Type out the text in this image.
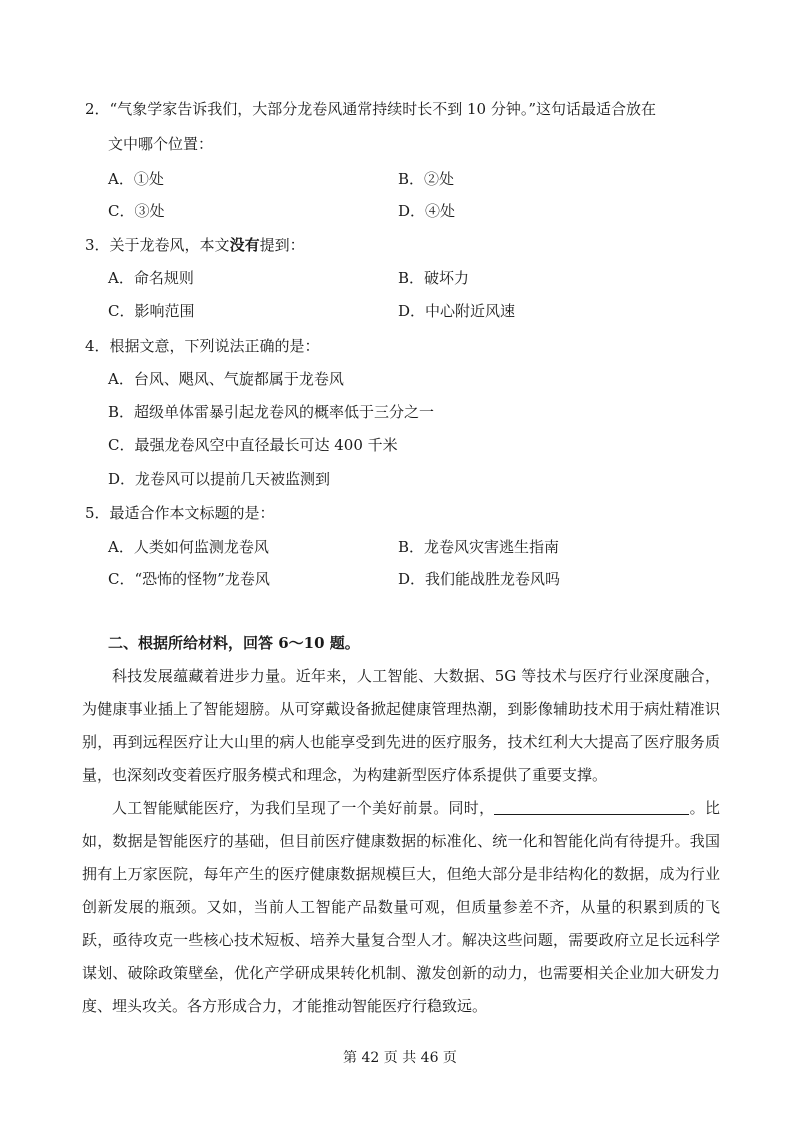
2．“气象学家告诉我们，大部分龙卷风通常持续时长不到 10 分钟。”这句话最适合放在
文中哪个位置：
A．①处	B．②处
C．③处	D．④处
3．关于龙卷风，本文没有提到：
A．命名规则	B．破坏力
C．影响范围	D．中心附近风速
4．根据文意，下列说法正确的是：
A．台风、飓风、气旋都属于龙卷风
B．超级单体雷暴引起龙卷风的概率低于三分之一
C．最强龙卷风空中直径最长可达 400 千米
D．龙卷风可以提前几天被监测到
5．最适合作本文标题的是：
A．人类如何监测龙卷风	B．龙卷风灾害逃生指南
C．“恐怖的怪物”龙卷风	D．我们能战胜龙卷风吗
二、根据所给材料，回答 6～10 题。

科技发展蕴藏着进步力量。近年来，人工智能、大数据、5G 等技术与医疗行业深度融合，为健康事业插上了智能翅膀。从可穿戴设备掀起健康管理热潮，到影像辅助技术用于病灶精准识别，再到远程医疗让大山里的病人也能享受到先进的医疗服务，技术红利大大提高了医疗服务质量，也深刻改变着医疗服务模式和理念，为构建新型医疗体系提供了重要支撑。

人工智能赋能医疗，为我们呈现了一个美好前景。同时，	。比如，数据是智能医疗的基础，但目前医疗健康数据的标准化、统一化和智能化尚有待提升。我国拥有上万家医院，每年产生的医疗健康数据规模巨大，但绝大部分是非结构化的数据，成为行业创新发展的瓶颈。又如，当前人工智能产品数量可观，但质量参差不齐，从量的积累到质的飞跃，亟待攻克一些核心技术短板、培养大量复合型人才。解决这些问题，需要政府立足长远科学谋划、破除政策壁垒，优化产学研成果转化机制、激发创新的动力，也需要相关企业加大研发力度、埋头攻关。各方形成合力，才能推动智能医疗行稳致远。

第 42 页 共 46 页
